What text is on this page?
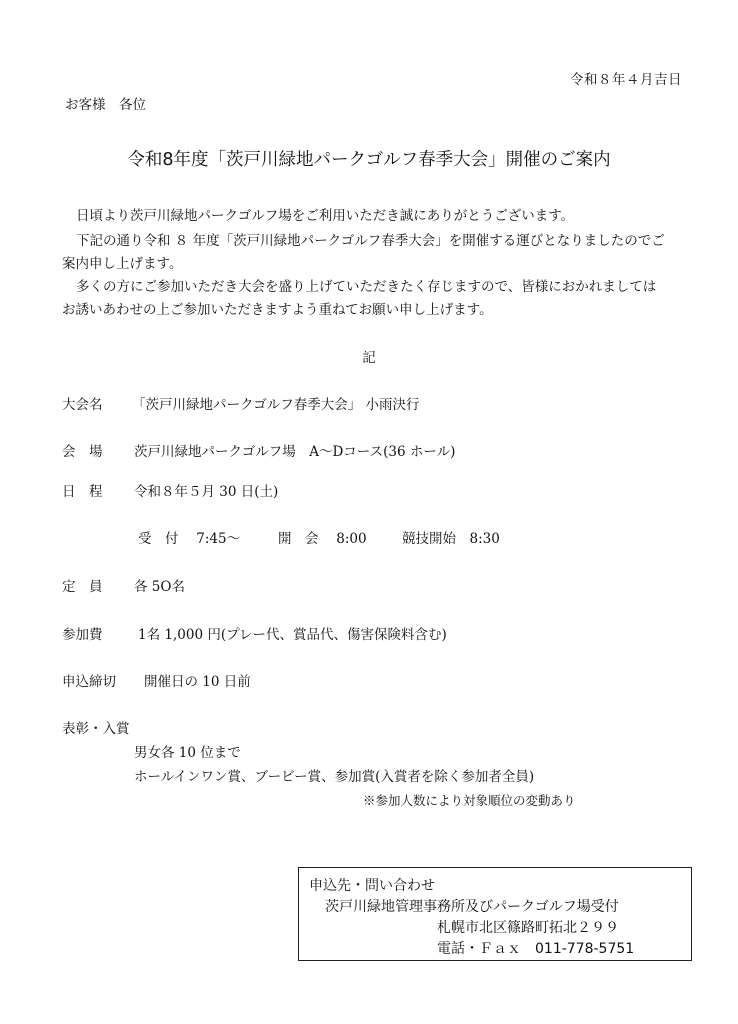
令和８年４月吉日
お客様　各位
令和8年度「茨戸川緑地パークゴルフ春季大会」開催のご案内
日頃より茨戸川緑地パークゴルフ場をご利用いただき誠にありがとうございます。
下記の通り令和 ８ 年度「茨戸川緑地パークゴルフ春季大会」を開催する運びとなりましたのでご
案内申し上げます。
多くの方にご参加いただき大会を盛り上げていただきたく存じますので、皆様におかれましては
お誘いあわせの上ご参加いただきますよう重ねてお願い申し上げます。
記
大会名 「茨戸川緑地パークゴルフ春季大会」 小雨決行
会　場 茨戸川緑地パークゴルフ場　A～Dコース(36 ホール)
日　程 令和８年５月 30 日(土)
受　付　 7:45～	開　会　 8:00	競技開始　8:30
定　員 各 5O名
参加費	1名 1,000 円(プレー代、賞品代、傷害保険料含む)
申込締切 開催日の 10 日前
表彰・入賞
男女各 10 位まで
ホールインワン賞、ブービー賞、参加賞(入賞者を除く参加者全員)
※参加人数により対象順位の変動あり
申込先・問い合わせ
茨戸川緑地管理事務所及びパークゴルフ場受付
札幌市北区篠路町拓北２９９
電話・Ｆａｘ　011-778-5751
